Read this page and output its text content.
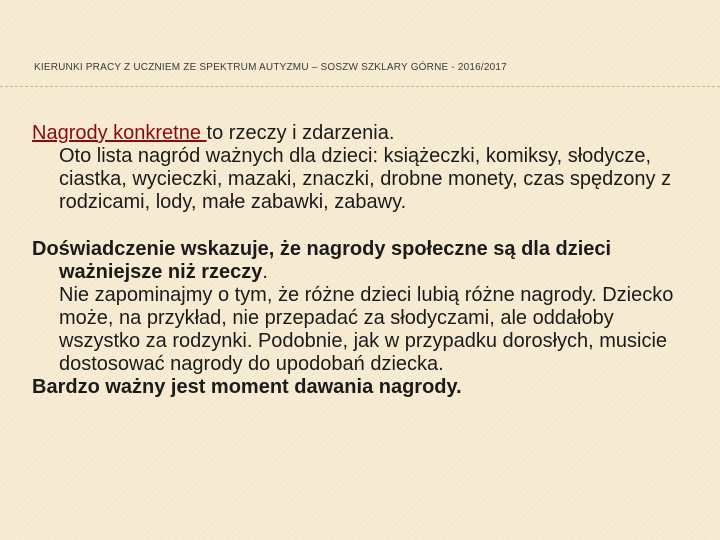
KIERUNKI PRACY Z UCZNIEM ZE SPEKTRUM AUTYZMU – SOSZW SZKLARY GÓRNE - 2016/2017

Nagrody konkretne to rzeczy i zdarzenia.
Oto lista nagród ważnych dla dzieci: książeczki, komiksy, słodycze, ciastka, wycieczki, mazaki, znaczki, drobne monety, czas spędzony z rodzicami, lody, małe zabawki, zabawy.

Doświadczenie wskazuje, że nagrody społeczne są dla dzieci ważniejsze niż rzeczy.
Nie zapominajmy o tym, że różne dzieci lubią różne nagrody. Dziecko może, na przykład, nie przepadać za słodyczami, ale oddałoby wszystko za rodzynki. Podobnie, jak w przypadku dorosłych, musicie dostosować nagrody do upodobań dziecka.

Bardzo ważny jest moment dawania nagrody.
